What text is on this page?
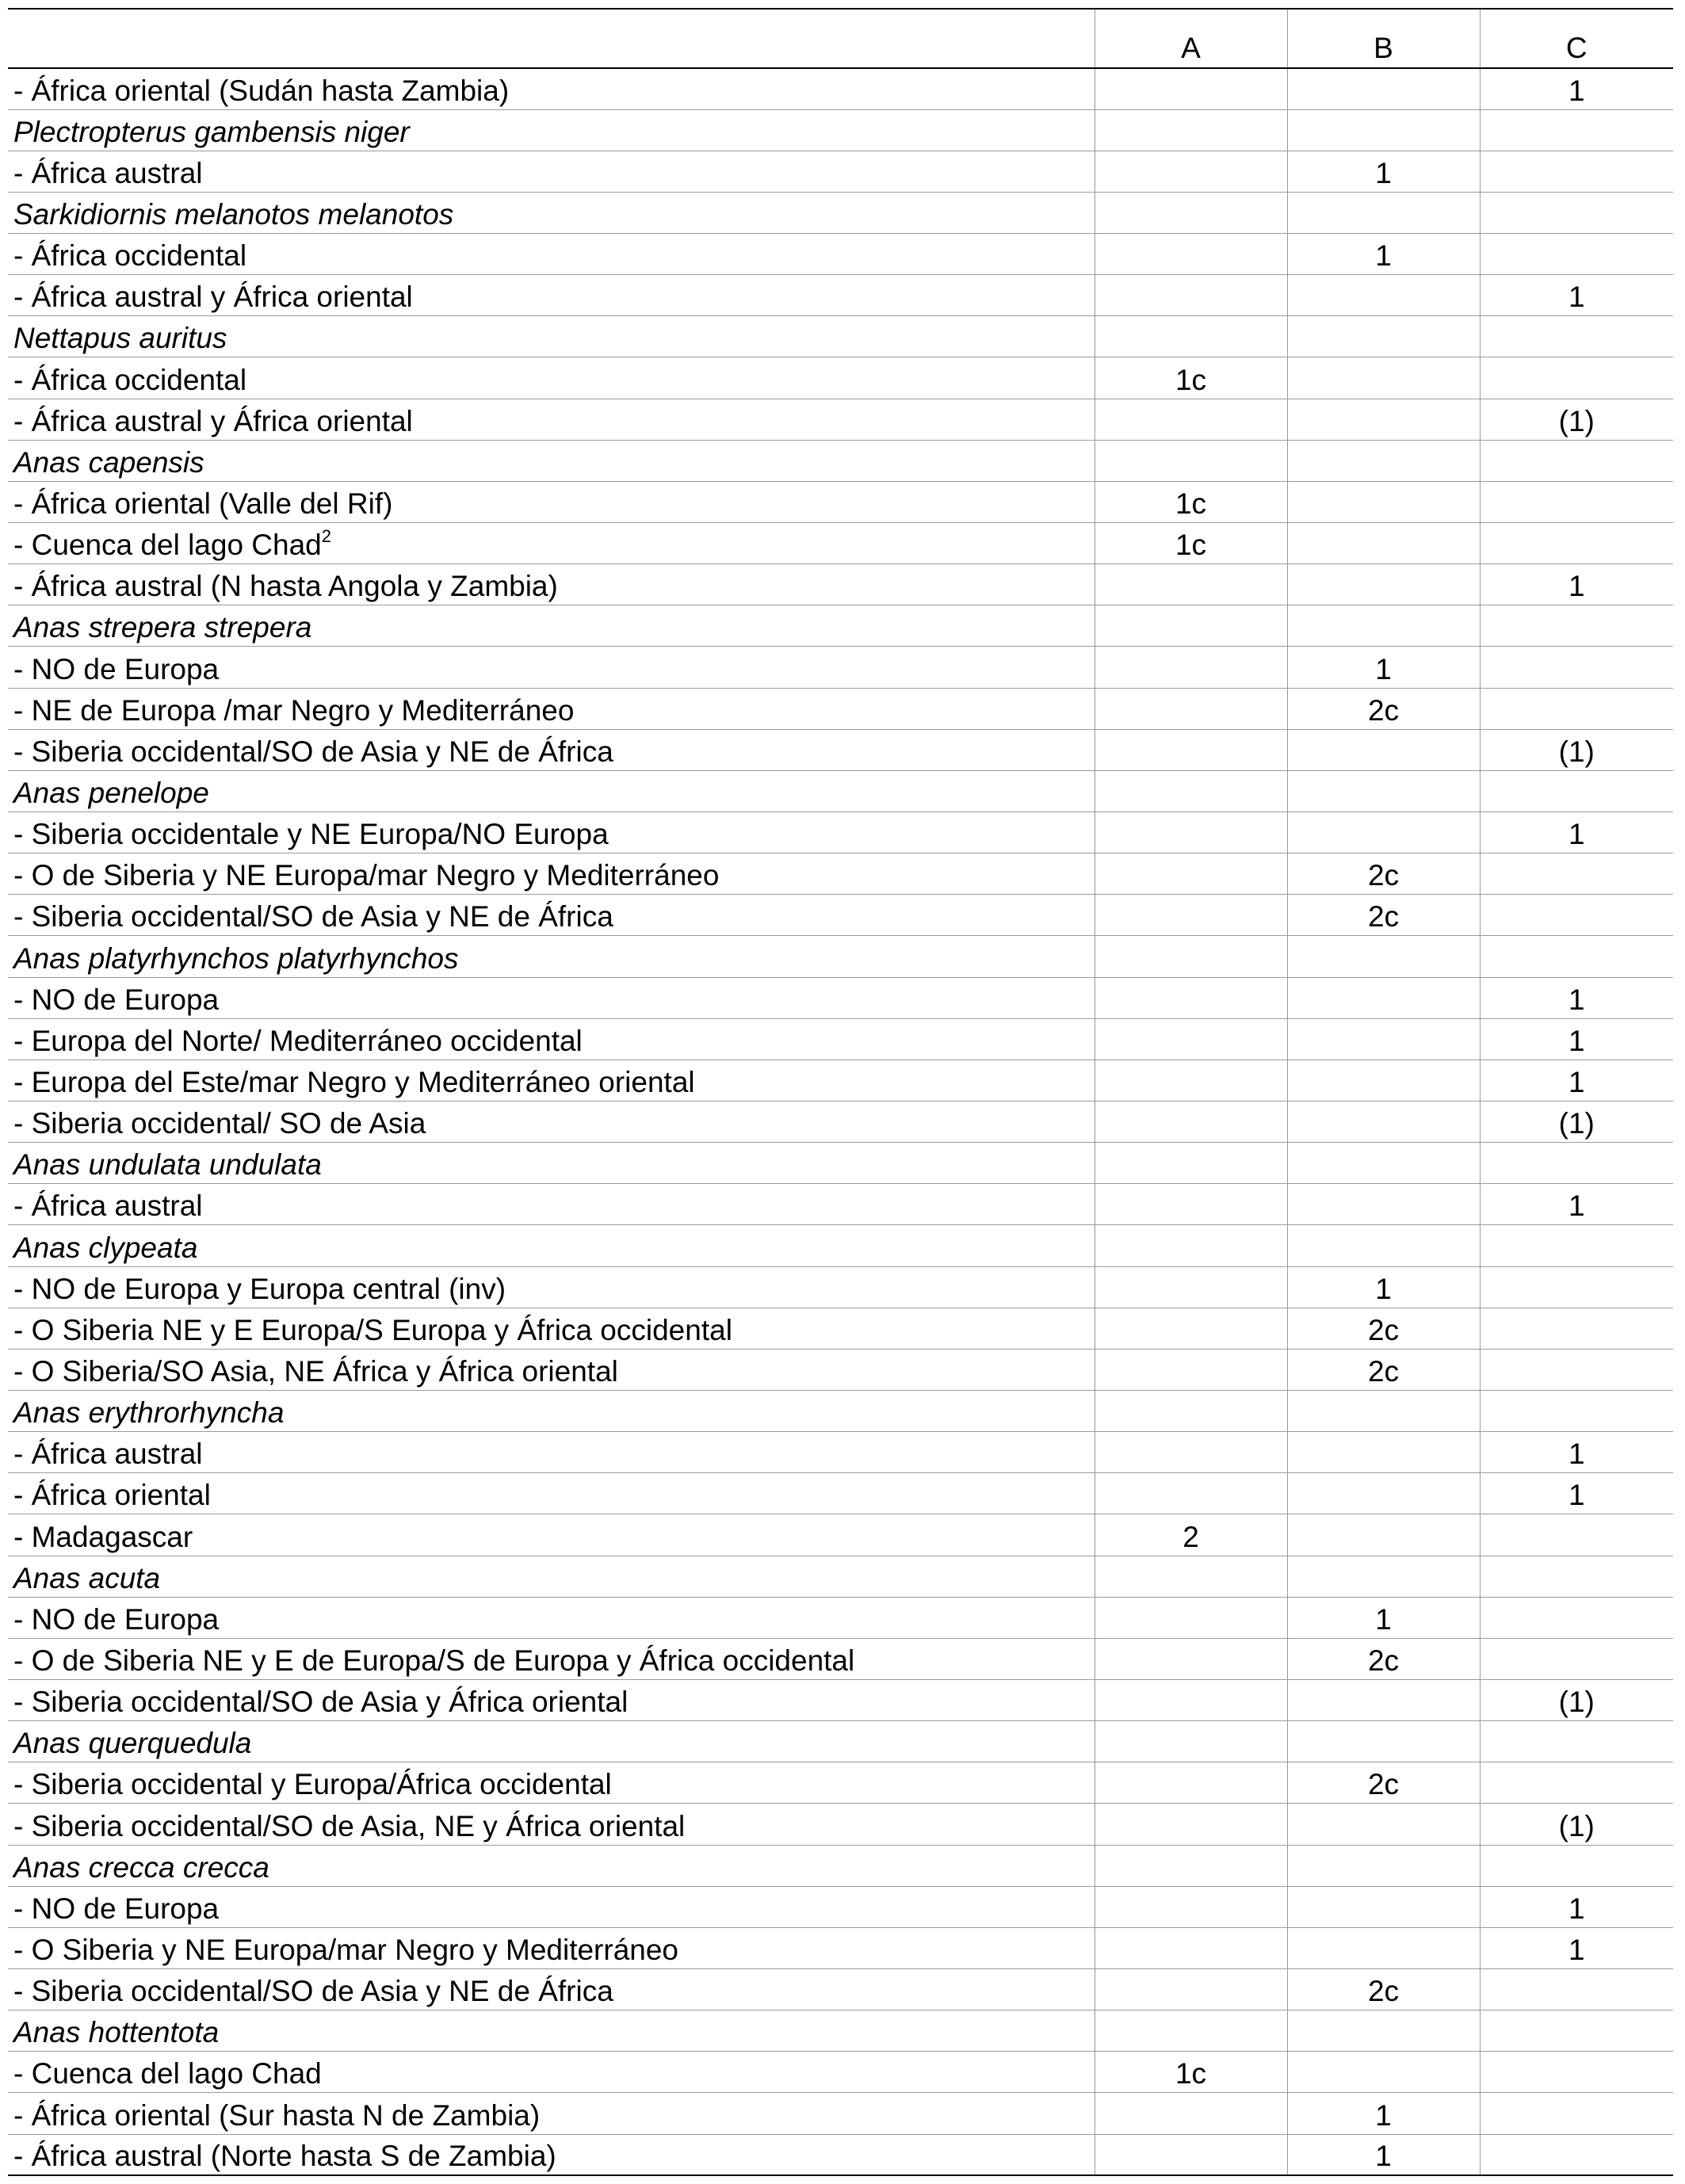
	A	B	C
- África oriental (Sudán hasta Zambia)			1
Plectropterus gambensis niger			
- África austral		1	
Sarkidiornis melanotos melanotos			
- África occidental		1	
- África austral y África oriental			1
Nettapus auritus			
- África occidental	1c		
- África austral y África oriental			(1)
Anas capensis			
- África oriental (Valle del Rif)	1c		
- Cuenca del lago Chad$^2$	1c		
- África austral (N hasta Angola y Zambia)			1
Anas strepera strepera			
- NO de Europa		1	
- NE de Europa /mar Negro y Mediterráneo		2c	
- Siberia occidental/SO de Asia y NE de África			(1)
Anas penelope			
- Siberia occidentale y NE Europa/NO Europa			1
- O de Siberia y NE Europa/mar Negro y Mediterráneo		2c	
- Siberia occidental/SO de Asia y NE de África		2c	
Anas platyrhynchos platyrhynchos			
- NO de Europa			1
- Europa del Norte/ Mediterráneo occidental			1
- Europa del Este/mar Negro y Mediterráneo oriental			1
- Siberia occidental/ SO de Asia			(1)
Anas undulata undulata			
- África austral			1
Anas clypeata			
- NO de Europa y Europa central (inv)		1	
- O Siberia NE y E Europa/S Europa y África occidental		2c	
- O Siberia/SO Asia, NE África y África oriental		2c	
Anas erythrorhyncha			
- África austral			1
- África oriental			1
- Madagascar	2		
Anas acuta			
- NO de Europa		1	
- O de Siberia NE y E de Europa/S de Europa y África occidental		2c	
- Siberia occidental/SO de Asia y África oriental			(1)
Anas querquedula			
- Siberia occidental y Europa/África occidental		2c	
- Siberia occidental/SO de Asia, NE y África oriental			(1)
Anas crecca crecca			
- NO de Europa			1
- O Siberia y NE Europa/mar Negro y Mediterráneo			1
- Siberia occidental/SO de Asia y NE de África		2c	
Anas hottentota			
- Cuenca del lago Chad	1c		
- África oriental (Sur hasta N de Zambia)		1	
- África austral (Norte hasta S de Zambia)		1	
